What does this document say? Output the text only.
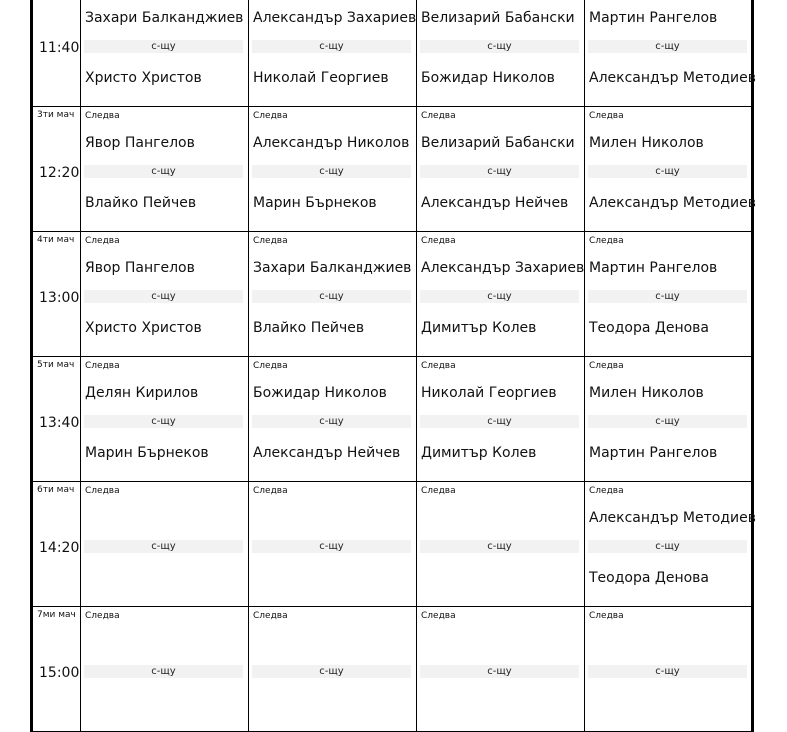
11:40
Захари Балканджиев
с-щу
Христо Христов
Александър Захариев
с-щу
Николай Георгиев
Велизарий Бабански
с-щу
Божидар Николов
Мартин Рангелов
с-щу
Александър Методиев
3ти мач
12:20
Следва
Явор Пангелов
с-щу
Влайко Пейчев
Следва
Александър Николов
с-щу
Марин Бърнеков
Следва
Велизарий Бабански
с-щу
Александър Нейчев
Следва
Милен Николов
с-щу
Александър Методиев
4ти мач
13:00
Следва
Явор Пангелов
с-щу
Христо Христов
Следва
Захари Балканджиев
с-щу
Влайко Пейчев
Следва
Александър Захариев
с-щу
Димитър Колев
Следва
Мартин Рангелов
с-щу
Теодора Денова
5ти мач
13:40
Следва
Делян Кирилов
с-щу
Марин Бърнеков
Следва
Божидар Николов
с-щу
Александър Нейчев
Следва
Николай Георгиев
с-щу
Димитър Колев
Следва
Милен Николов
с-щу
Мартин Рангелов
6ти мач
14:20
Следва
с-щу
Следва
с-щу
Следва
с-щу
Следва
Александър Методиев
с-щу
Теодора Денова
7ми мач
15:00
Следва
с-щу
Следва
с-щу
Следва
с-щу
Следва
с-щу
